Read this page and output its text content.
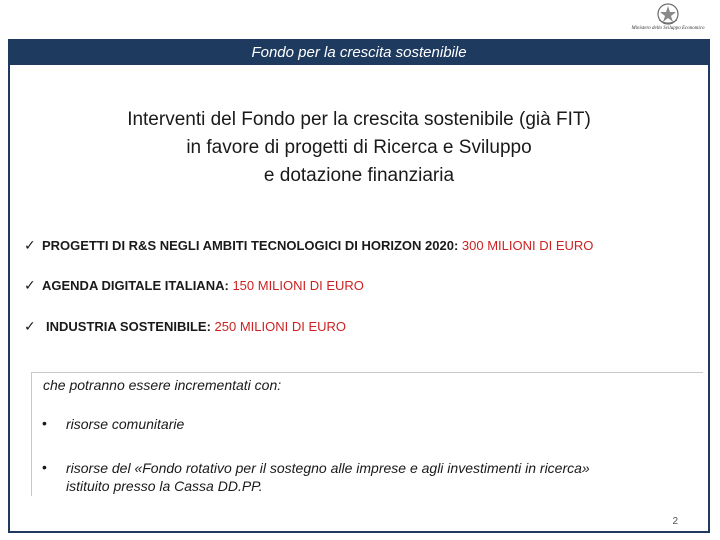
Ministero dello Sviluppo Economico
Fondo per la crescita sostenibile
Interventi del Fondo per la crescita sostenibile (già FIT)
in favore di progetti di Ricerca e Sviluppo
e dotazione finanziaria
✓ PROGETTI DI R&S NEGLI AMBITI TECNOLOGICI DI HORIZON 2020: 300 MILIONI DI EURO
✓ AGENDA DIGITALE ITALIANA: 150 MILIONI DI EURO
✓ INDUSTRIA SOSTENIBILE: 250 MILIONI DI EURO
che potranno essere incrementati con:
• risorse comunitarie
• risorse del «Fondo rotativo per il sostegno alle imprese e agli investimenti in ricerca»
istituito presso la Cassa DD.PP.
2
